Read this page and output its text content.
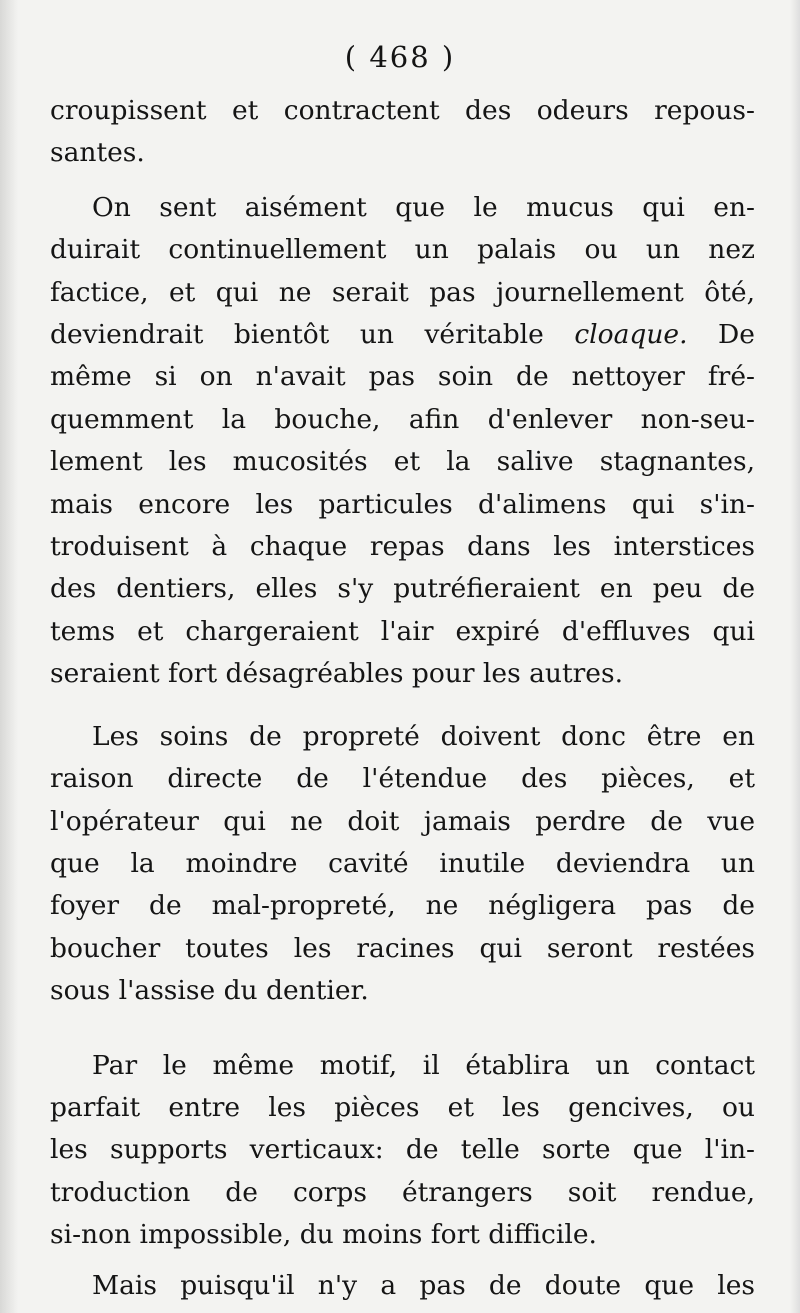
( 468 )

croupissent et contractent des odeurs repous-
santes.

On sent aisément que le mucus qui en-
duirait continuellement un palais ou un nez
factice, et qui ne serait pas journellement ôté,
deviendrait bientôt un véritable cloaque. De
même si on n'avait pas soin de nettoyer fré-
quemment la bouche, afin d'enlever non-seu-
lement les mucosités et la salive stagnantes,
mais encore les particules d'alimens qui s'in-
troduisent à chaque repas dans les interstices
des dentiers, elles s'y putréfieraient en peu de
tems et chargeraient l'air expiré d'effluves qui
seraient fort désagréables pour les autres.

Les soins de propreté doivent donc être en
raison directe de l'étendue des pièces, et
l'opérateur qui ne doit jamais perdre de vue
que la moindre cavité inutile deviendra un
foyer de mal-propreté, ne négligera pas de
boucher toutes les racines qui seront restées
sous l'assise du dentier.

Par le même motif, il établira un contact
parfait entre les pièces et les gencives, ou
les supports verticaux: de telle sorte que l'in-
troduction de corps étrangers soit rendue,
si-non impossible, du moins fort difficile.

Mais puisqu'il n'y a pas de doute que les
